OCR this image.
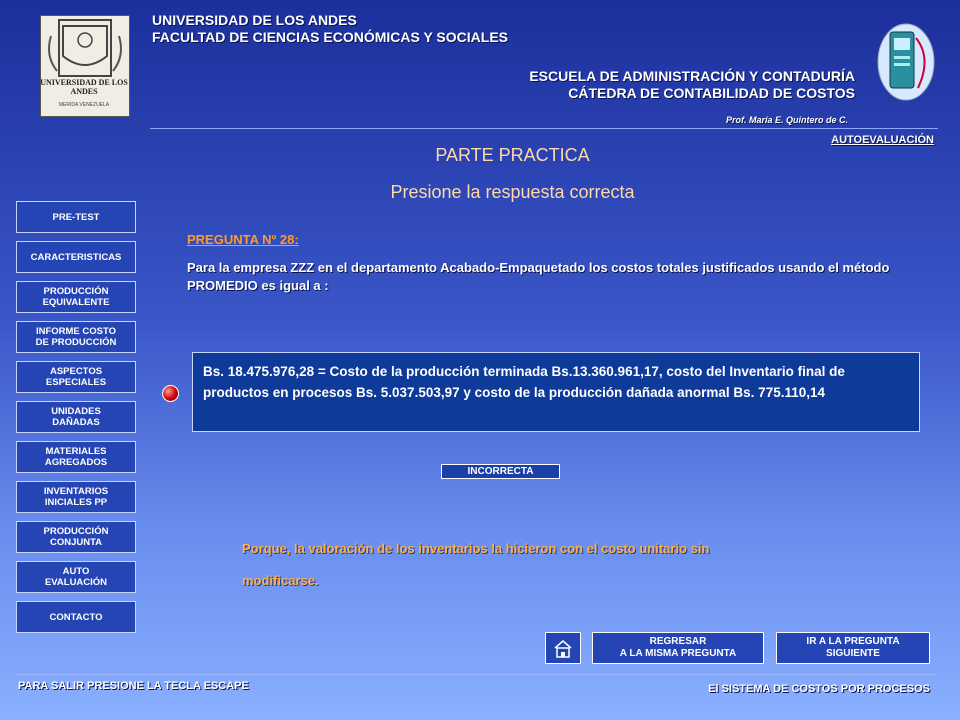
UNIVERSIDAD DE LOS ANDES
MERIDA VENEZUELA
UNIVERSIDAD DE LOS ANDES
FACULTAD DE CIENCIAS ECONÓMICAS Y SOCIALES
ESCUELA DE ADMINISTRACIÓN Y CONTADURÍA
CÁTEDRA DE CONTABILIDAD DE COSTOS
Prof. María E. Quintero de C.
AUTOEVALUACIÓN
PARTE PRACTICA
Presione la respuesta correcta
PRE-TEST
CARACTERISTICAS
PRODUCCIÓN
EQUIVALENTE
INFORME COSTO
DE PRODUCCIÓN
ASPECTOS
ESPECIALES
UNIDADES
DAÑADAS
MATERIALES
AGREGADOS
INVENTARIOS
INICIALES PP
PRODUCCIÓN
CONJUNTA
AUTO
EVALUACIÓN
CONTACTO
PREGUNTA Nº 28:
Para la empresa ZZZ en el departamento Acabado-Empaquetado los costos totales justificados usando el método PROMEDIO es igual a :
Bs. 18.475.976,28 = Costo de la producción terminada Bs.13.360.961,17, costo del Inventario final de productos en procesos Bs. 5.037.503,97 y costo de la producción dañada anormal Bs. 775.110,14
INCORRECTA
Porque, la valoración de los inventarios la hicieron con el costo unitario sin modificarse.
REGRESAR
A LA MISMA PREGUNTA
IR A LA PREGUNTA
SIGUIENTE
PARA SALIR PRESIONE LA TECLA ESCAPE	El SISTEMA DE COSTOS POR PROCESOS
